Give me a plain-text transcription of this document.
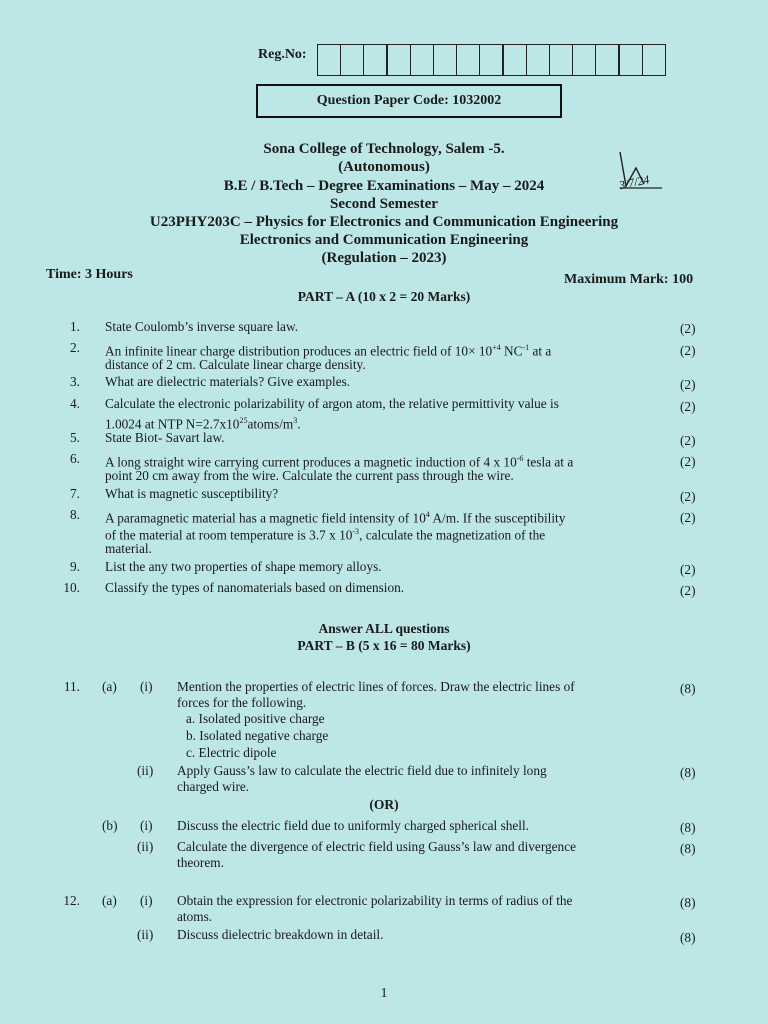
Reg.No:
Question Paper Code: 1032002
Sona College of Technology, Salem -5.
(Autonomous)
B.E / B.Tech – Degree Examinations – May – 2024
Second Semester
U23PHY203C – Physics for Electronics and Communication Engineering
Electronics and Communication Engineering
(Regulation – 2023)
3/7/24
Time: 3 Hours	Maximum Mark: 100
PART – A (10 x 2 = 20 Marks)
1. State Coulomb’s inverse square law.	(2)
2. An infinite linear charge distribution produces an electric field of $10\times 10^{+4}$ $NC^{-1}$ at a
distance of 2 cm. Calculate linear charge density.
(2)
3. What are dielectric materials? Give examples.	(2)
4. Calculate the electronic polarizability of argon atom, the relative permittivity value is
1.0024 at NTP $N=2.7x10^{25}atoms/m^3$.
(2)
5. State Biot- Savart law.	(2)
6. A long straight wire carrying current produces a magnetic induction of 4 x $10^{-6}$ tesla at a
point 20 cm away from the wire. Calculate the current pass through the wire.
(2)
7. What is magnetic susceptibility?	(2)
8. A paramagnetic material has a magnetic field intensity of $10^4$ A/m. If the susceptibility
of the material at room temperature is 3.7 x $10^{-3}$, calculate the magnetization of the
material.
(2)
9. List the any two properties of shape memory alloys.	(2)
10. Classify the types of nanomaterials based on dimension.	(2)
Answer ALL questions
PART – B (5 x 16 = 80 Marks)
11. (a) (i) Mention the properties of electric lines of forces. Draw the electric lines of
forces for the following.
a. Isolated positive charge
b. Isolated negative charge
c. Electric dipole
(8)
(ii) Apply Gauss’s law to calculate the electric field due to infinitely long
charged wire.
(8)
(OR)
(b) (i) Discuss the electric field due to uniformly charged spherical shell.	(8)
(ii) Calculate the divergence of electric field using Gauss’s law and divergence
theorem.
(8)
12. (a) (i) Obtain the expression for electronic polarizability in terms of radius of the
atoms.
(8)
(ii) Discuss dielectric breakdown in detail.	(8)
1
